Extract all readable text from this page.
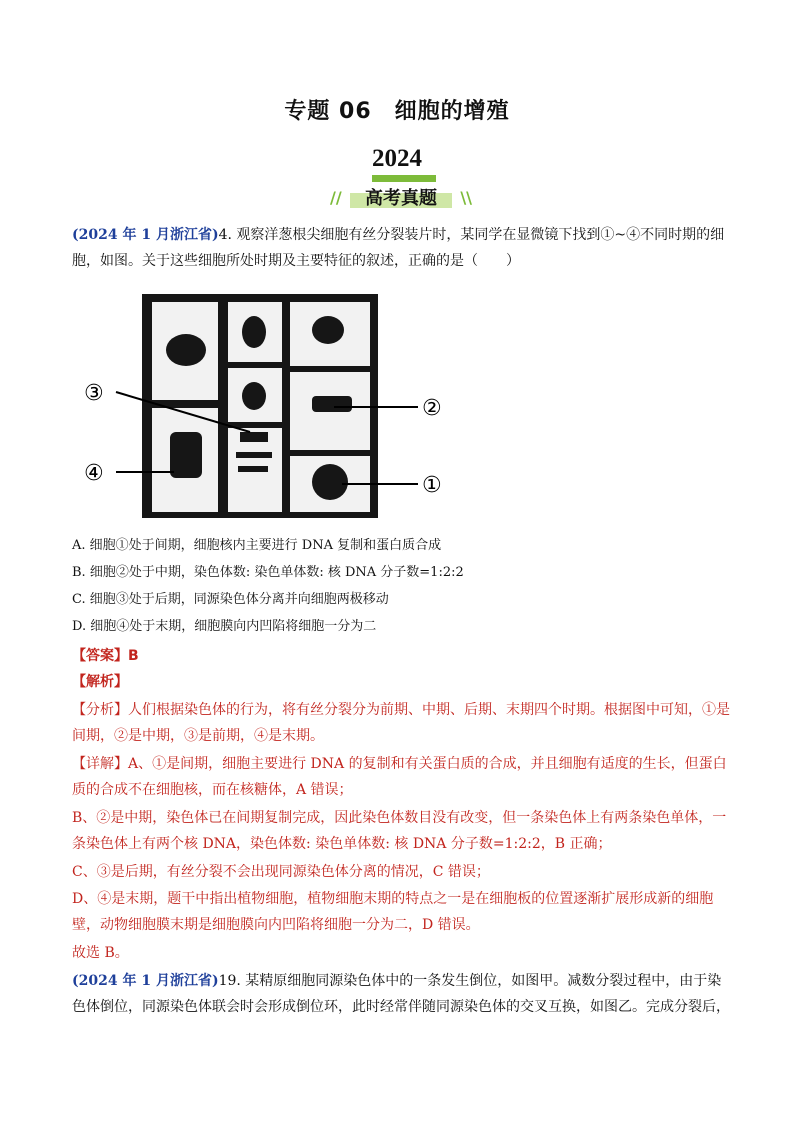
专题 06　细胞的增殖
2024
//	高考真题	\\
(2024 年 1 月浙江省)4. 观察洋葱根尖细胞有丝分裂装片时，某同学在显微镜下找到①~④不同时期的细胞，如图。关于这些细胞所处时期及主要特征的叙述，正确的是（　　）
③
②
④	①
A. 细胞①处于间期，细胞核内主要进行 DNA 复制和蛋白质合成
B. 细胞②处于中期，染色体数: 染色单体数: 核 DNA 分子数=1:2:2
C. 细胞③处于后期，同源染色体分离并向细胞两极移动
D. 细胞④处于末期，细胞膜向内凹陷将细胞一分为二
【答案】B
【解析】
【分析】人们根据染色体的行为，将有丝分裂分为前期、中期、后期、末期四个时期。根据图中可知，①是间期，②是中期，③是前期，④是末期。
【详解】A、①是间期，细胞主要进行 DNA 的复制和有关蛋白质的合成，并且细胞有适度的生长，但蛋白质的合成不在细胞核，而在核糖体，A 错误；
B、②是中期，染色体已在间期复制完成，因此染色体数目没有改变，但一条染色体上有两条染色单体，一条染色体上有两个核 DNA，染色体数: 染色单体数: 核 DNA 分子数=1:2:2，B 正确；
C、③是后期，有丝分裂不会出现同源染色体分离的情况，C 错误；
D、④是末期，题干中指出植物细胞，植物细胞末期的特点之一是在细胞板的位置逐渐扩展形成新的细胞壁，动物细胞膜末期是细胞膜向内凹陷将细胞一分为二，D 错误。
故选 B。
(2024 年 1 月浙江省)19. 某精原细胞同源染色体中的一条发生倒位，如图甲。减数分裂过程中，由于染色体倒位，同源染色体联会时会形成倒位环，此时经常伴随同源染色体的交叉互换，如图乙。完成分裂后，
